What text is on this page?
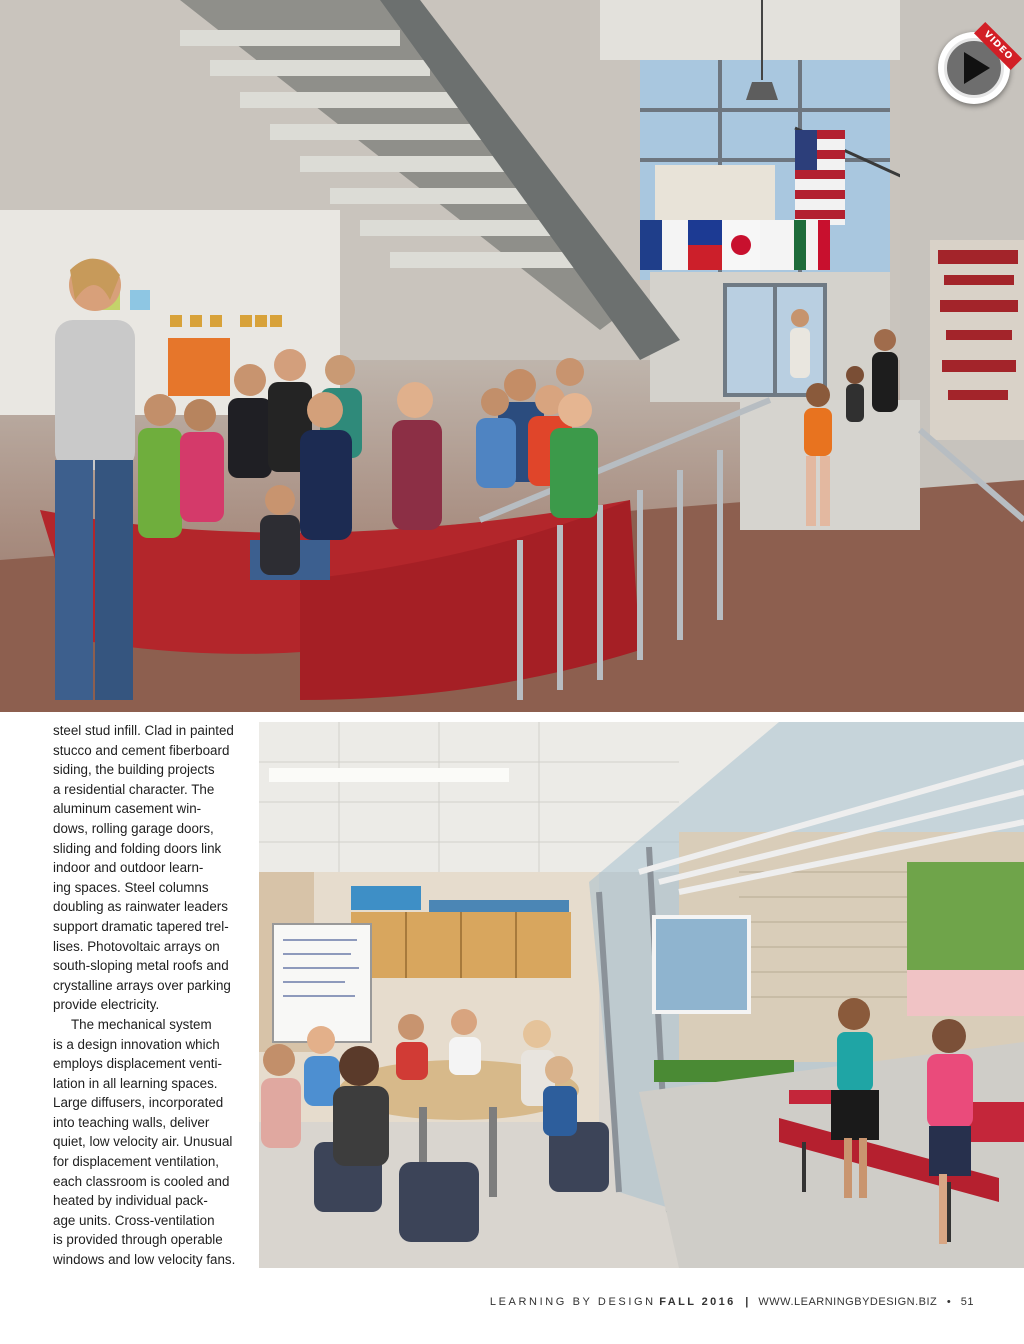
VIDEO
steel stud infill. Clad in painted
stucco and cement fiberboard
siding, the building projects
a residential character. The
aluminum casement win-
dows, rolling garage doors,
sliding and folding doors link
indoor and outdoor learn-
ing spaces. Steel columns
doubling as rainwater leaders
support dramatic tapered trel-
lises. Photovoltaic arrays on
south-sloping metal roofs and
crystalline arrays over parking
provide electricity.
The mechanical system
is a design innovation which
employs displacement venti-
lation in all learning spaces.
Large diffusers, incorporated
into teaching walls, deliver
quiet, low velocity air. Unusual
for displacement ventilation,
each classroom is cooled and
heated by individual pack-
age units. Cross-ventilation
is provided through operable
windows and low velocity fans.
LEARNING BY DESIGN FALL 2016 | WWW.LEARNINGBYDESIGN.BIZ • 51
